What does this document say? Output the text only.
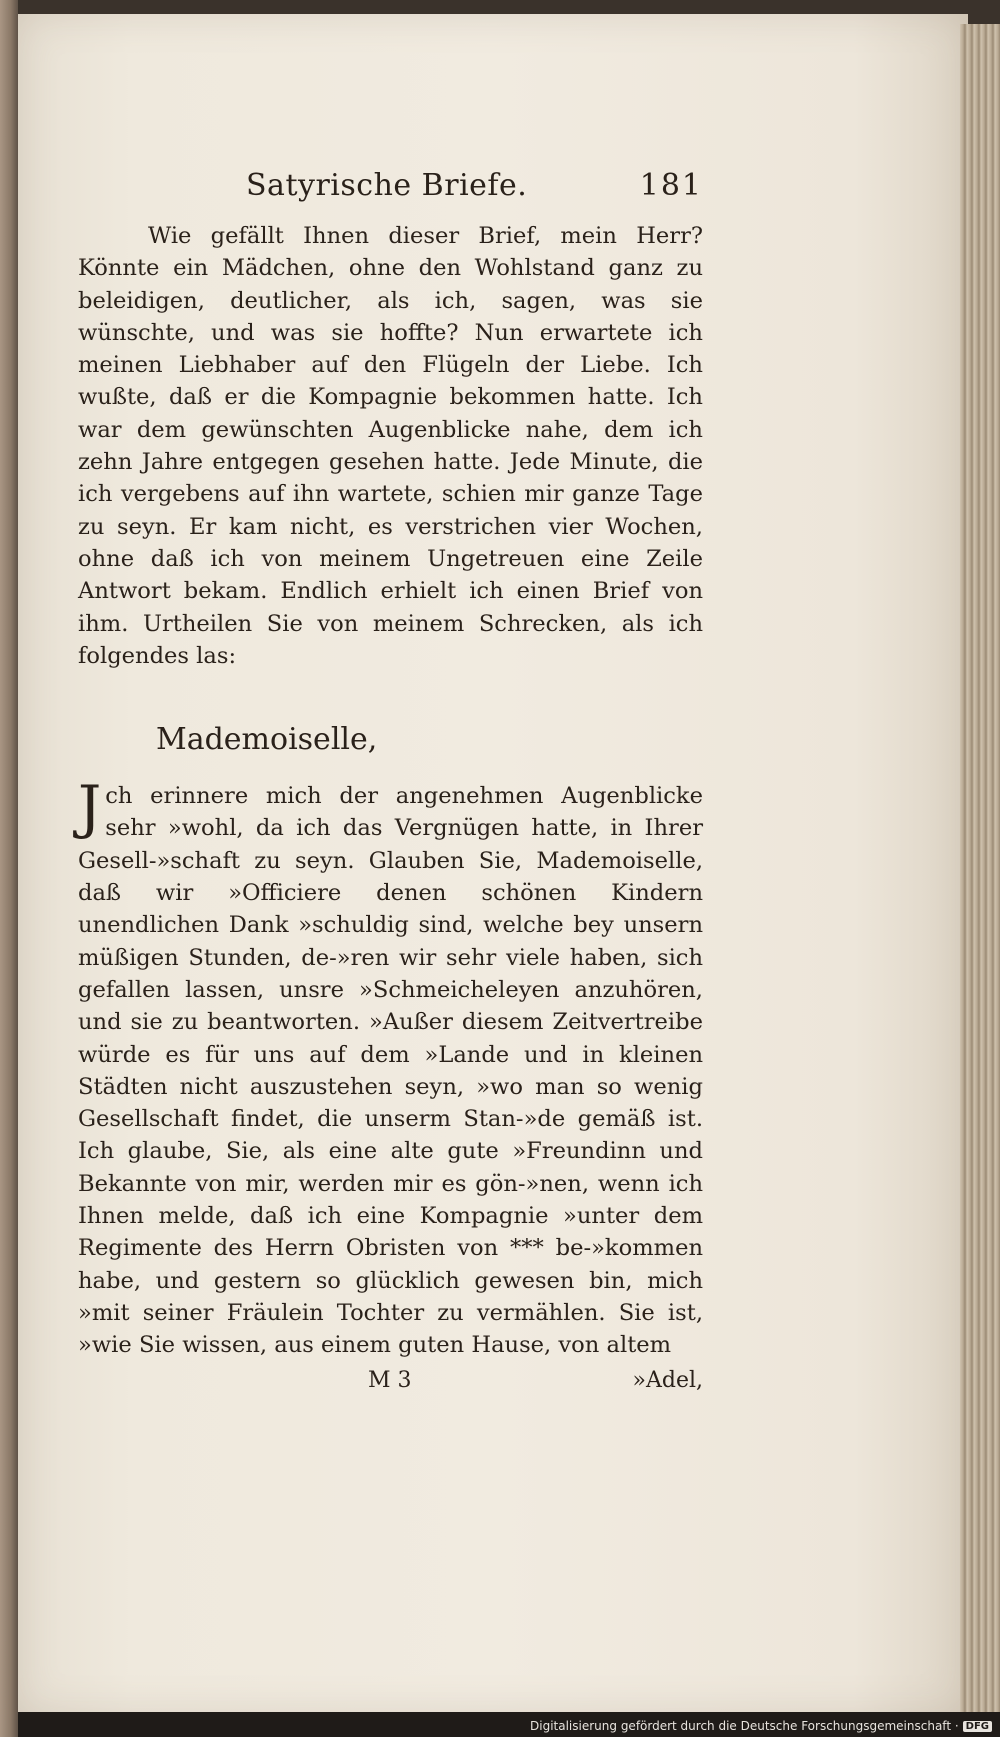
Satyrische Briefe.	181

Wie gefällt Ihnen dieser Brief, mein Herr? Könnte ein Mädchen, ohne den Wohlstand ganz zu beleidigen, deutlicher, als ich, sagen, was sie wünschte, und was sie hoffte? Nun erwartete ich meinen Liebhaber auf den Flügeln der Liebe. Ich wußte, daß er die Kompagnie bekommen hatte. Ich war dem gewünschten Augenblicke nahe, dem ich zehn Jahre entgegen gesehen hatte. Jede Minute, die ich vergebens auf ihn wartete, schien mir ganze Tage zu seyn. Er kam nicht, es verstrichen vier Wochen, ohne daß ich von meinem Ungetreuen eine Zeile Antwort bekam. Endlich erhielt ich einen Brief von ihm. Urtheilen Sie von meinem Schrecken, als ich folgendes las:

Mademoiselle,

J ch erinnere mich der angenehmen Augenblicke sehr »wohl, da ich das Vergnügen hatte, in Ihrer Gesell-»schaft zu seyn. Glauben Sie, Mademoiselle, daß wir »Officiere denen schönen Kindern unendlichen Dank »schuldig sind, welche bey unsern müßigen Stunden, de-»ren wir sehr viele haben, sich gefallen lassen, unsre »Schmeicheleyen anzuhören, und sie zu beantworten. »Außer diesem Zeitvertreibe würde es für uns auf dem »Lande und in kleinen Städten nicht auszustehen seyn, »wo man so wenig Gesellschaft findet, die unserm Stan-»de gemäß ist. Ich glaube, Sie, als eine alte gute »Freundinn und Bekannte von mir, werden mir es gön-»nen, wenn ich Ihnen melde, daß ich eine Kompagnie »unter dem Regimente des Herrn Obristen von *** be-»kommen habe, und gestern so glücklich gewesen bin, mich »mit seiner Fräulein Tochter zu vermählen. Sie ist, »wie Sie wissen, aus einem guten Hause, von altem

M 3	»Adel,
Digitalisierung gefördert durch die Deutsche Forschungsgemeinschaft · DFG
